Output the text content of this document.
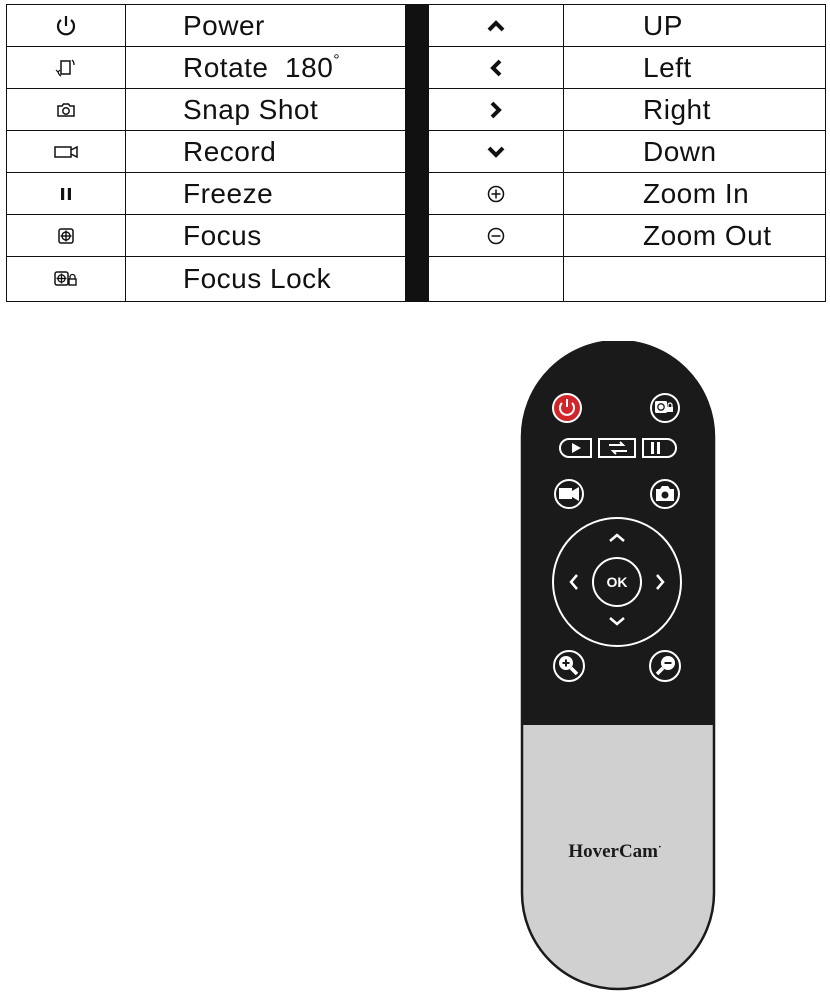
Power	UP
Rotate  180°	Left
Snap Shot	Right
Record	Down
Freeze	Zoom In
Focus	Zoom Out
Focus Lock
OK
HoverCam·
